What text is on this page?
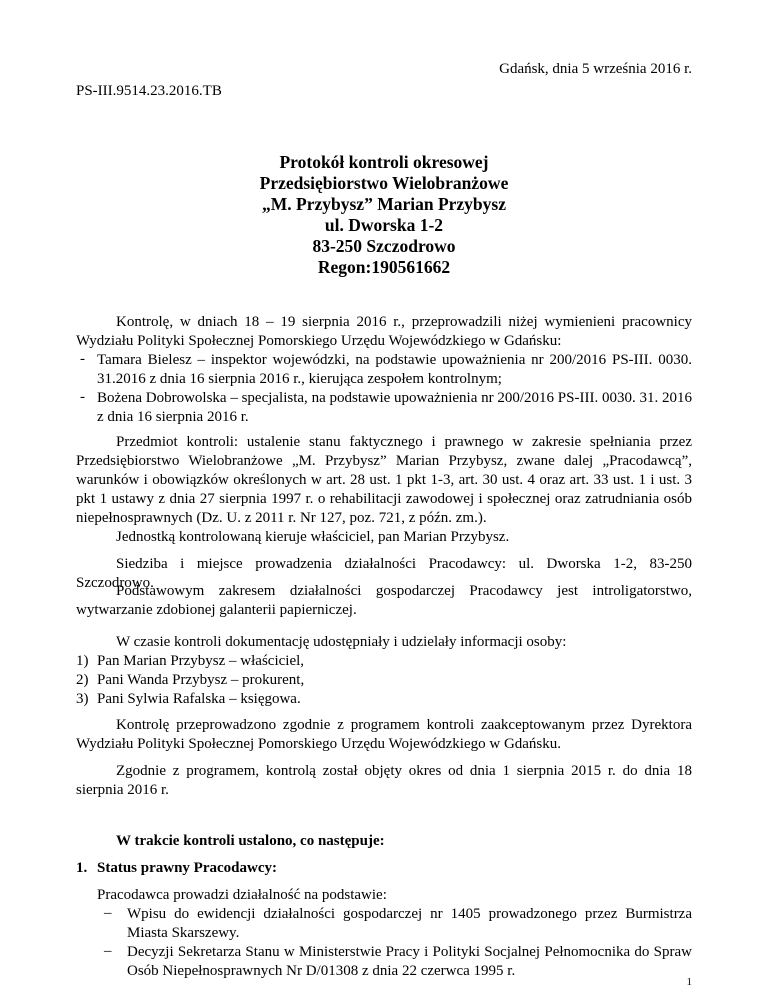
Gdańsk, dnia 5 września 2016 r.
PS-III.9514.23.2016.TB
Protokół kontroli okresowej
Przedsiębiorstwo Wielobranżowe
„M. Przybysz” Marian Przybysz
ul. Dworska 1-2
83-250 Szczodrowo
Regon:190561662
Kontrolę, w dniach 18 – 19 sierpnia 2016 r., przeprowadzili niżej wymienieni pracownicy Wydziału Polityki Społecznej Pomorskiego Urzędu Wojewódzkiego w Gdańsku:
- Tamara Bielesz – inspektor wojewódzki, na podstawie upoważnienia nr 200/2016 PS-III. 0030. 31.2016 z dnia 16 sierpnia 2016 r., kierująca zespołem kontrolnym;
- Bożena Dobrowolska – specjalista, na podstawie upoważnienia nr 200/2016 PS-III. 0030. 31. 2016 z dnia 16 sierpnia 2016 r.
Przedmiot kontroli: ustalenie stanu faktycznego i prawnego w zakresie spełniania przez Przedsiębiorstwo Wielobranżowe „M. Przybysz” Marian Przybysz, zwane dalej „Pracodawcą”, warunków i obowiązków określonych w art. 28 ust. 1 pkt 1-3, art. 30 ust. 4 oraz art. 33 ust. 1 i ust. 3 pkt 1 ustawy z dnia 27 sierpnia 1997 r. o rehabilitacji zawodowej i społecznej oraz zatrudniania osób niepełnosprawnych (Dz. U. z 2011 r. Nr 127, poz. 721, z późn. zm.).
Jednostką kontrolowaną kieruje właściciel, pan Marian Przybysz.
Siedziba i miejsce prowadzenia działalności Pracodawcy: ul. Dworska 1-2, 83-250 Szczodrowo.
Podstawowym zakresem działalności gospodarczej Pracodawcy jest introligatorstwo, wytwarzanie zdobionej galanterii papierniczej.
W czasie kontroli dokumentację udostępniały i udzielały informacji osoby:
1) Pan Marian Przybysz – właściciel,
2) Pani Wanda Przybysz – prokurent,
3) Pani Sylwia Rafalska – księgowa.
Kontrolę przeprowadzono zgodnie z programem kontroli zaakceptowanym przez Dyrektora Wydziału Polityki Społecznej Pomorskiego Urzędu Wojewódzkiego w Gdańsku.
Zgodnie z programem, kontrolą został objęty okres od dnia 1 sierpnia 2015 r. do dnia 18 sierpnia 2016 r.
W trakcie kontroli ustalono, co następuje:
1. Status prawny Pracodawcy:
Pracodawca prowadzi działalność na podstawie:
– Wpisu do ewidencji działalności gospodarczej nr 1405 prowadzonego przez Burmistrza Miasta Skarszewy.
– Decyzji Sekretarza Stanu w Ministerstwie Pracy i Polityki Socjalnej Pełnomocnika do Spraw Osób Niepełnosprawnych Nr D/01308 z dnia 22 czerwca 1995 r.
1
